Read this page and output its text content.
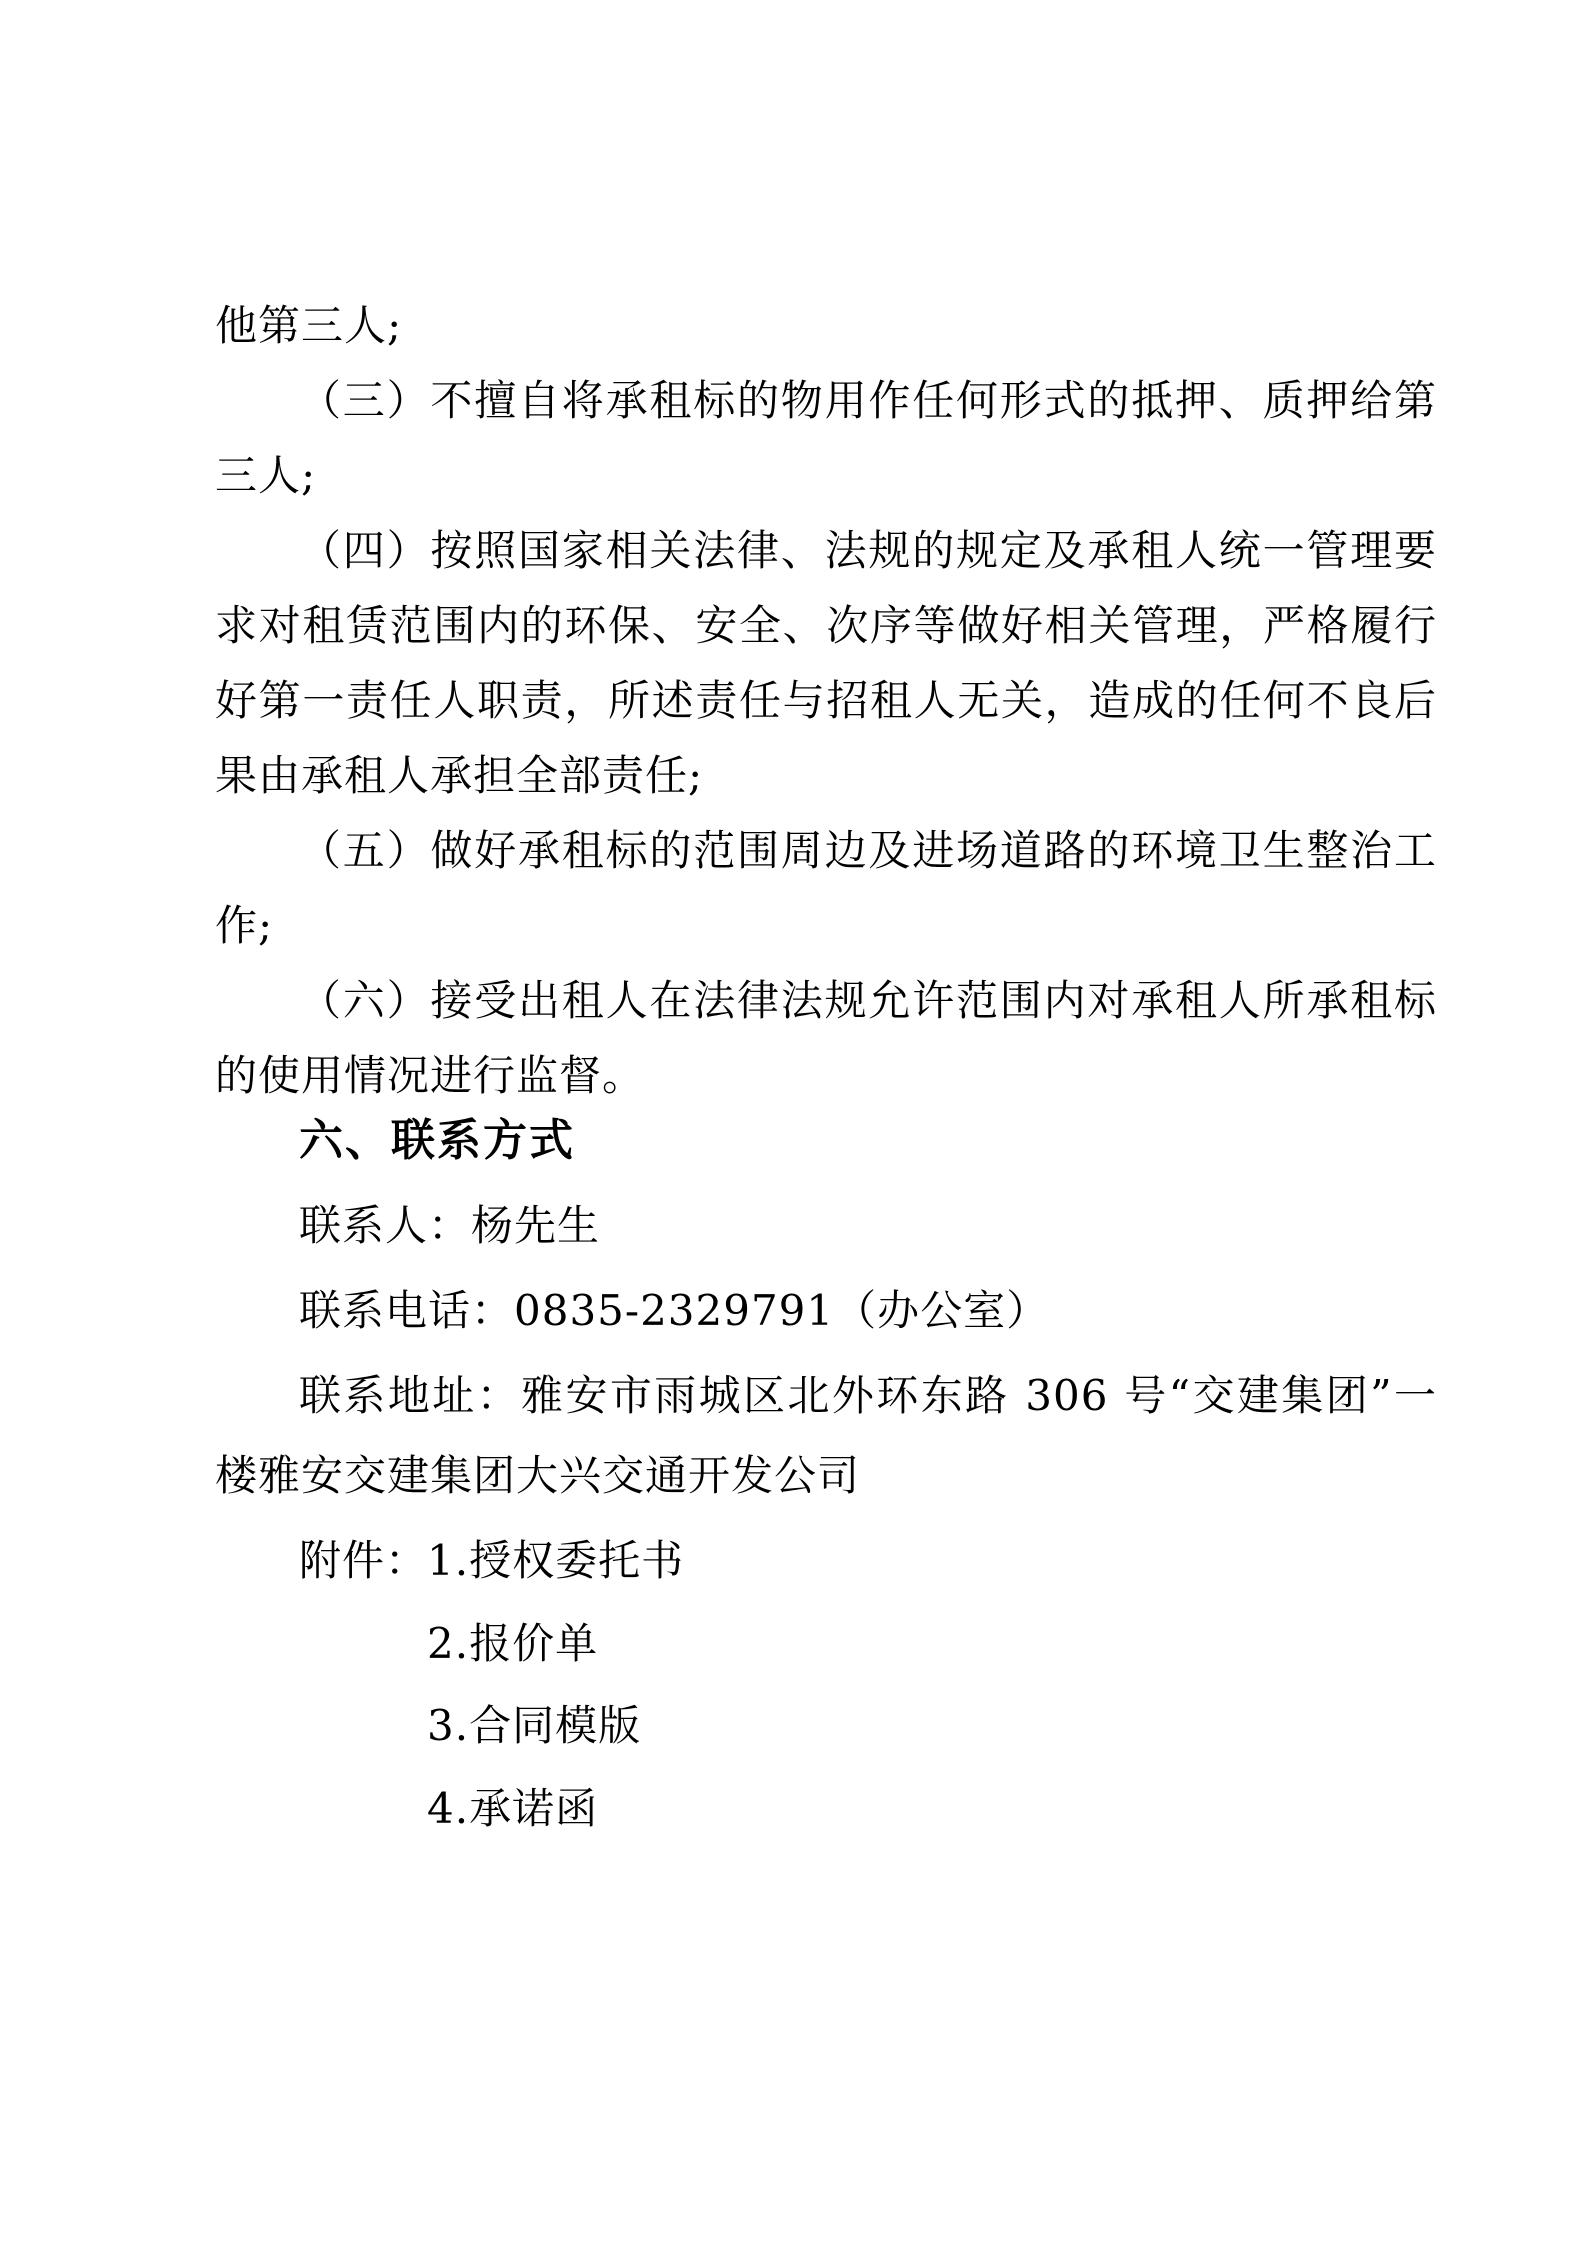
他第三人;

（三）不擅自将承租标的物用作任何形式的抵押、质押给第

三人;

（四）按照国家相关法律、法规的规定及承租人统一管理要

求对租赁范围内的环保、安全、次序等做好相关管理，严格履行

好第一责任人职责，所述责任与招租人无关，造成的任何不良后

果由承租人承担全部责任;

（五）做好承租标的范围周边及进场道路的环境卫生整治工

作;

（六）接受出租人在法律法规允许范围内对承租人所承租标

的使用情况进行监督。

六、联系方式

联系人：杨先生

联系电话：0835-2329791（办公室）

联系地址：雅安市雨城区北外环东路 306 号“交建集团”一

楼雅安交建集团大兴交通开发公司

附件：

1.授权委托书

2.报价单

3.合同模版

4.承诺函
